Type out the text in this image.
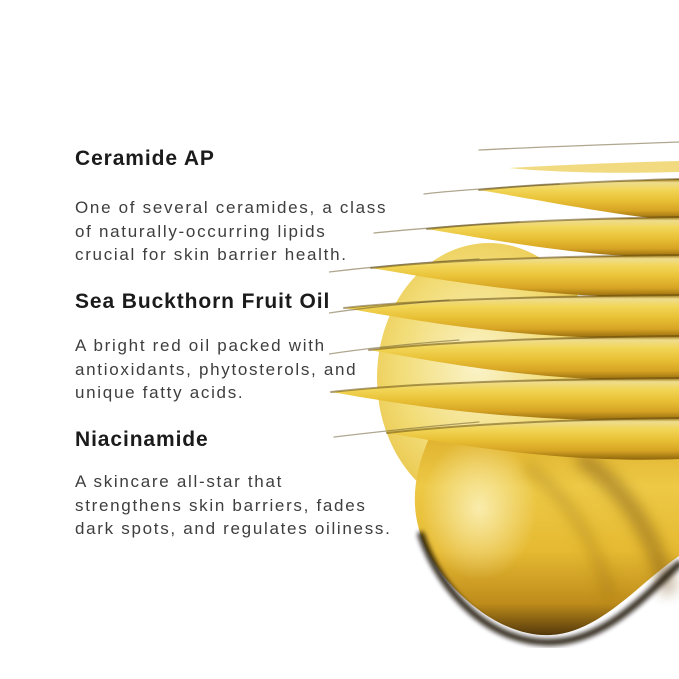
Ceramide AP
One of several ceramides, a class
of naturally-occurring lipids
crucial for skin barrier health.
Sea Buckthorn Fruit Oil
A bright red oil packed with
antioxidants, phytosterols, and
unique fatty acids.
Niacinamide
A skincare all-star that
strengthens skin barriers, fades
dark spots, and regulates oiliness.
